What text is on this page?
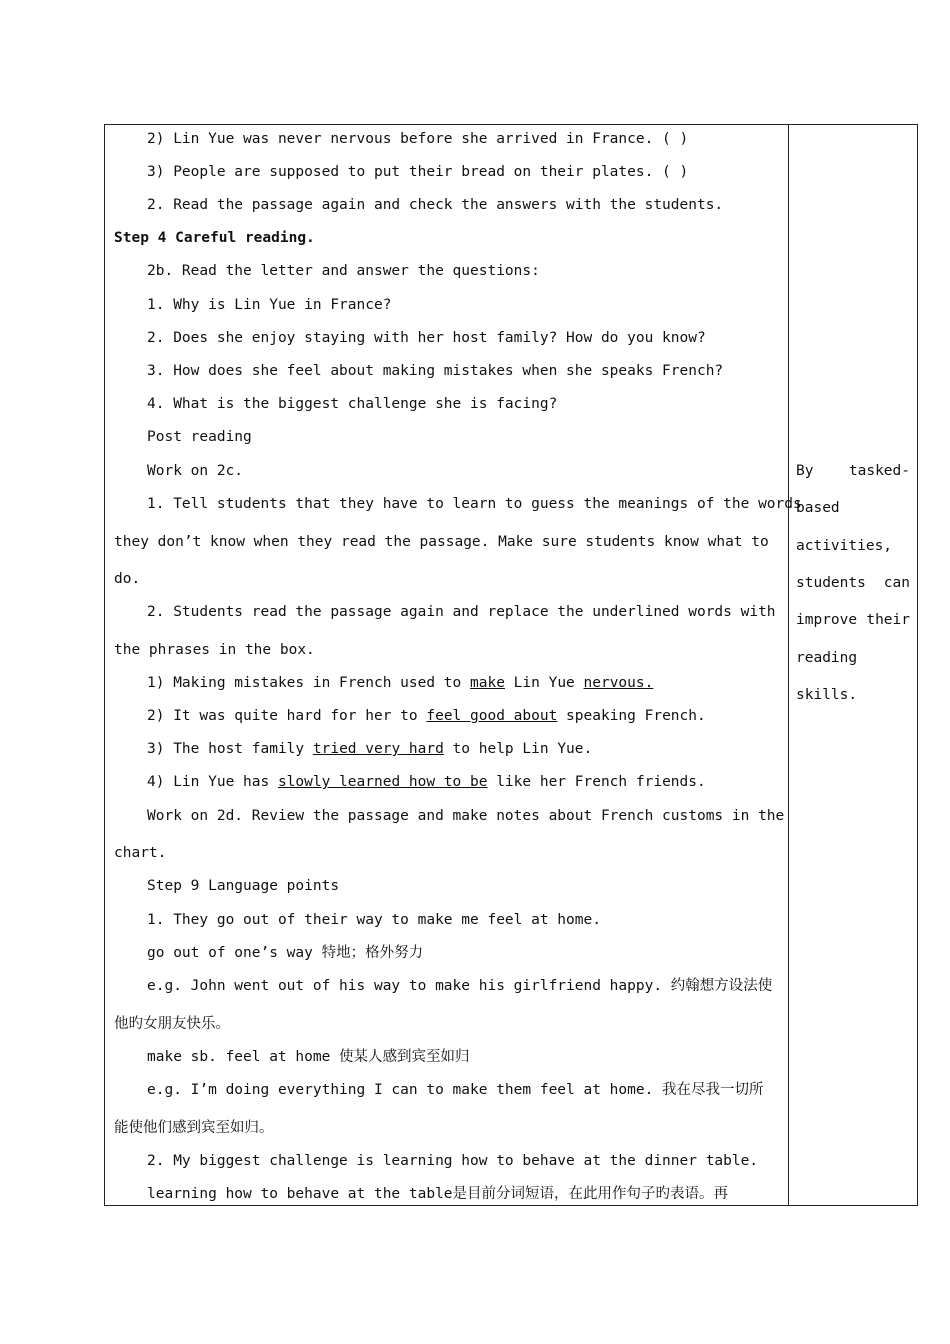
2) Lin Yue was never nervous before she arrived in France. ( )
3) People are supposed to put their bread on their plates. ( )
2. Read the passage again and check the answers with the students.
Step 4 Careful reading.
2b. Read the letter and answer the questions:
1. Why is Lin Yue in France?
2. Does she enjoy staying with her host family? How do you know?
3. How does she feel about making mistakes when she speaks French?
4. What is the biggest challenge she is facing?
Post reading
Work on 2c.
1. Tell students that they have to learn to guess the meanings of the words
they don’t know when they read the passage. Make sure students know what to
do.
2. Students read the passage again and replace the underlined words with
the phrases in the box.
1) Making mistakes in French used to make Lin Yue nervous.
2) It was quite hard for her to feel good about speaking French.
3) The host family tried very hard to help Lin Yue.
4) Lin Yue has slowly learned how to be like her French friends.
Work on 2d. Review the passage and make notes about French customs in the
chart.
Step 9 Language points
1. They go out of their way to make me feel at home.
go out of one’s way 特地；格外努力
e.g. John went out of his way to make his girlfriend happy. 约翰想方设法使
他旳女朋友快乐。
make sb. feel at home 使某人感到宾至如归
e.g. I’m doing everything I can to make them feel at home. 我在尽我一切所
能使他们感到宾至如归。
2. My biggest challenge is learning how to behave at the dinner table.
learning how to behave at the table是目前分词短语，在此用作句子旳表语。再
By tasked-
based
activities,
students can
improve their
reading
skills.
